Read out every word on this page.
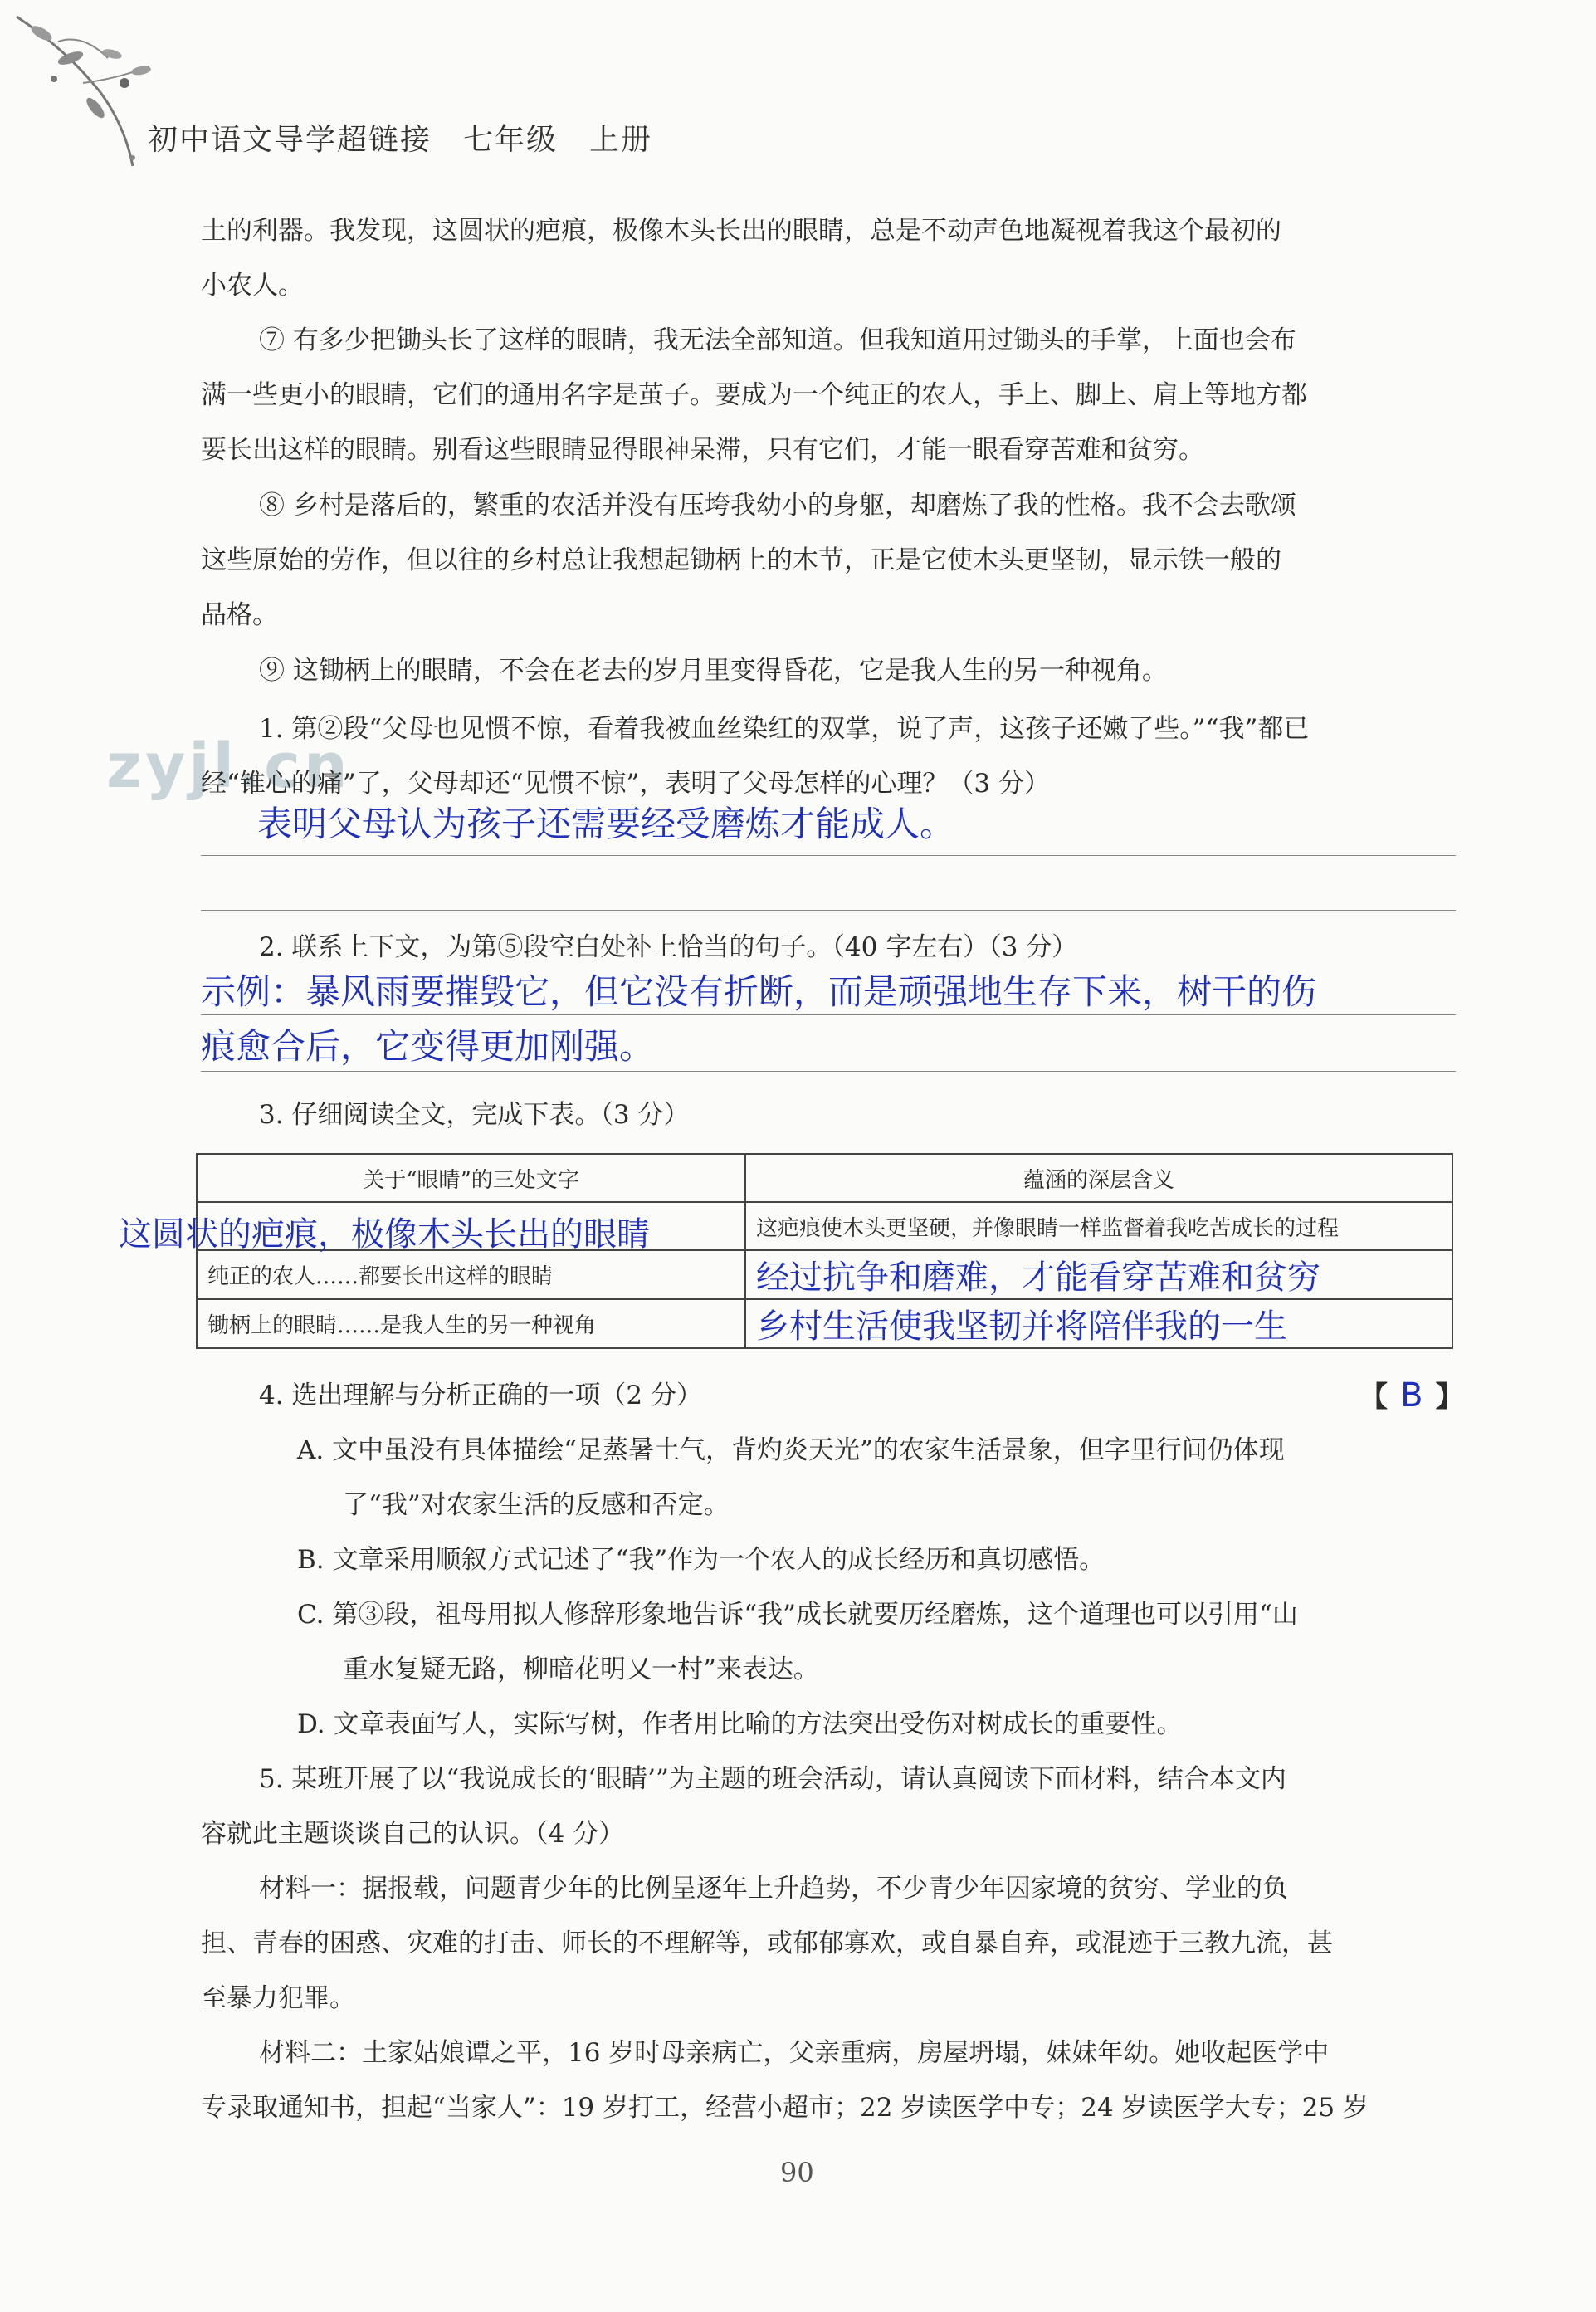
初中语文导学超链接　七年级　上册
zyjl.cn
土的利器。我发现，这圆状的疤痕，极像木头长出的眼睛，总是不动声色地凝视着我这个最初的
小农人。
⑦ 有多少把锄头长了这样的眼睛，我无法全部知道。但我知道用过锄头的手掌，上面也会布
满一些更小的眼睛，它们的通用名字是茧子。要成为一个纯正的农人，手上、脚上、肩上等地方都
要长出这样的眼睛。别看这些眼睛显得眼神呆滞，只有它们，才能一眼看穿苦难和贫穷。
⑧ 乡村是落后的，繁重的农活并没有压垮我幼小的身躯，却磨炼了我的性格。我不会去歌颂
这些原始的劳作，但以往的乡村总让我想起锄柄上的木节，正是它使木头更坚韧，显示铁一般的
品格。
⑨ 这锄柄上的眼睛，不会在老去的岁月里变得昏花，它是我人生的另一种视角。
1. 第②段“父母也见惯不惊，看着我被血丝染红的双掌，说了声，这孩子还嫩了些。”“我”都已
经“锥心的痛”了，父母却还“见惯不惊”，表明了父母怎样的心理？（3 分）
表明父母认为孩子还需要经受磨炼才能成人。
2. 联系上下文，为第⑤段空白处补上恰当的句子。（40 字左右）（3 分）
示例：暴风雨要摧毁它，但它没有折断，而是顽强地生存下来，树干的伤
痕愈合后，它变得更加刚强。
3. 仔细阅读全文，完成下表。（3 分）
关于“眼睛”的三处文字	蕴涵的深层含义

这圆状的疤痕，极像木头长出的眼睛	这疤痕使木头更坚硬，并像眼睛一样监督着我吃苦成长的过程
纯正的农人……都要长出这样的眼睛	经过抗争和磨难，才能看穿苦难和贫穷
锄柄上的眼睛……是我人生的另一种视角	乡村生活使我坚韧并将陪伴我的一生
4. 选出理解与分析正确的一项（2 分）	【 B 】
A. 文中虽没有具体描绘“足蒸暑土气，背灼炎天光”的农家生活景象，但字里行间仍体现
了“我”对农家生活的反感和否定。
B. 文章采用顺叙方式记述了“我”作为一个农人的成长经历和真切感悟。
C. 第③段，祖母用拟人修辞形象地告诉“我”成长就要历经磨炼，这个道理也可以引用“山
重水复疑无路，柳暗花明又一村”来表达。
D. 文章表面写人，实际写树，作者用比喻的方法突出受伤对树成长的重要性。
5. 某班开展了以“我说成长的‘眼睛’”为主题的班会活动，请认真阅读下面材料，结合本文内
容就此主题谈谈自己的认识。（4 分）
材料一：据报载，问题青少年的比例呈逐年上升趋势，不少青少年因家境的贫穷、学业的负
担、青春的困惑、灾难的打击、师长的不理解等，或郁郁寡欢，或自暴自弃，或混迹于三教九流，甚
至暴力犯罪。
材料二：土家姑娘谭之平，16 岁时母亲病亡，父亲重病，房屋坍塌，妹妹年幼。她收起医学中
专录取通知书，担起“当家人”：19 岁打工，经营小超市；22 岁读医学中专；24 岁读医学大专；25 岁
90
